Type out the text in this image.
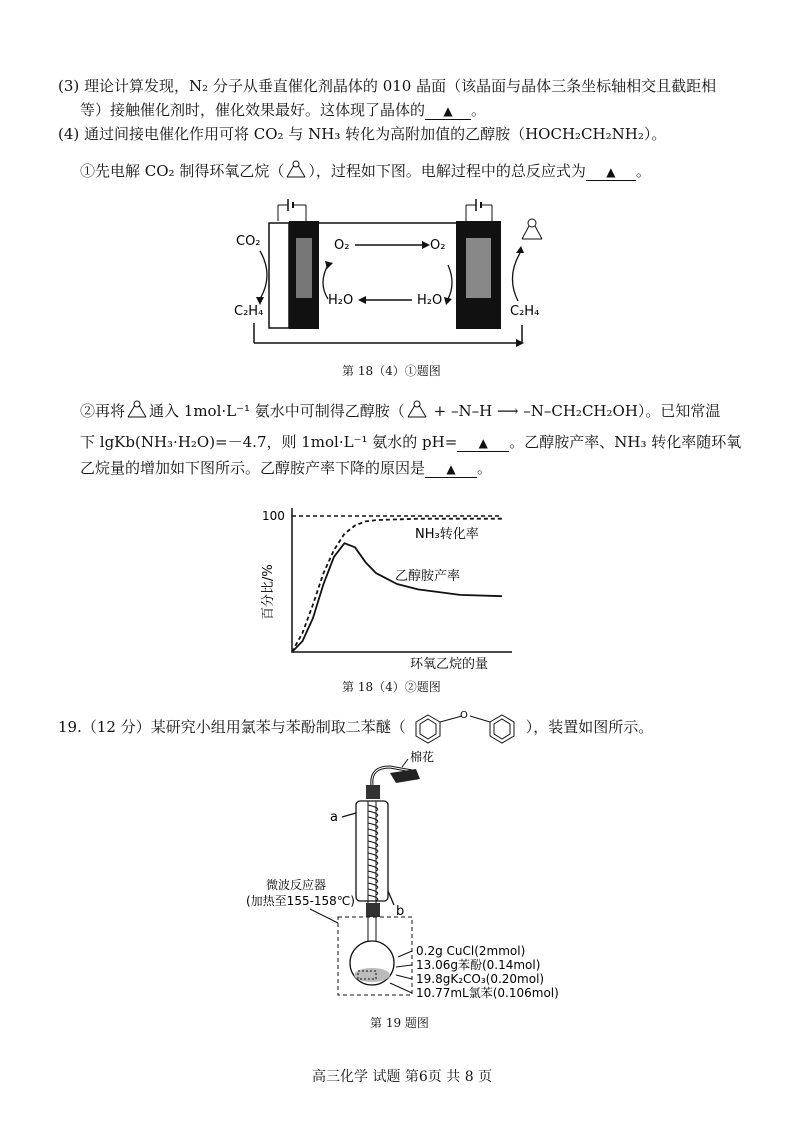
(3) 理论计算发现，N₂ 分子从垂直催化剂晶体的 010 晶面（该晶面与晶体三条坐标轴相交且截距相
等）接触催化剂时，催化效果最好。这体现了晶体的 ▲ 。
(4) 通过间接电催化作用可将 CO₂ 与 NH₃ 转化为高附加值的乙醇胺（HOCH₂CH₂NH₂）。
①先电解 CO₂ 制得环氧乙烷（ ），过程如下图。电解过程中的总反应式为 ▲ 。
O₂	O₂
H₂O	H₂O
CO₂
C₂H₄	C₂H₄
第 18（4）①题图
②再将 通入 1mol·L⁻¹ 氨水中可制得乙醇胺（ + –N–H ⟶ –N–CH₂CH₂OH）。已知常温
下 lgKb(NH₃·H₂O)=－4.7，则 1mol·L⁻¹ 氨水的 pH= ▲ 。乙醇胺产率、NH₃ 转化率随环氧
乙烷量的增加如下图所示。乙醇胺产率下降的原因是 ▲ 。
100
百分比/%
环氧乙烷的量
NH₃转化率
乙醇胺产率
第 18（4）②题图
19.（12 分）某研究小组用氯苯与苯酚制取二苯醚（
O
），装置如图所示。
棉花
a
b
微波反应器
(加热至155-158℃)
0.2g CuCl(2mmol)
13.06g苯酚(0.14mol)
19.8gK₂CO₃(0.20mol)
10.77mL氯苯(0.106mol)
第 19 题图
高三化学 试题 第6页 共 8 页
